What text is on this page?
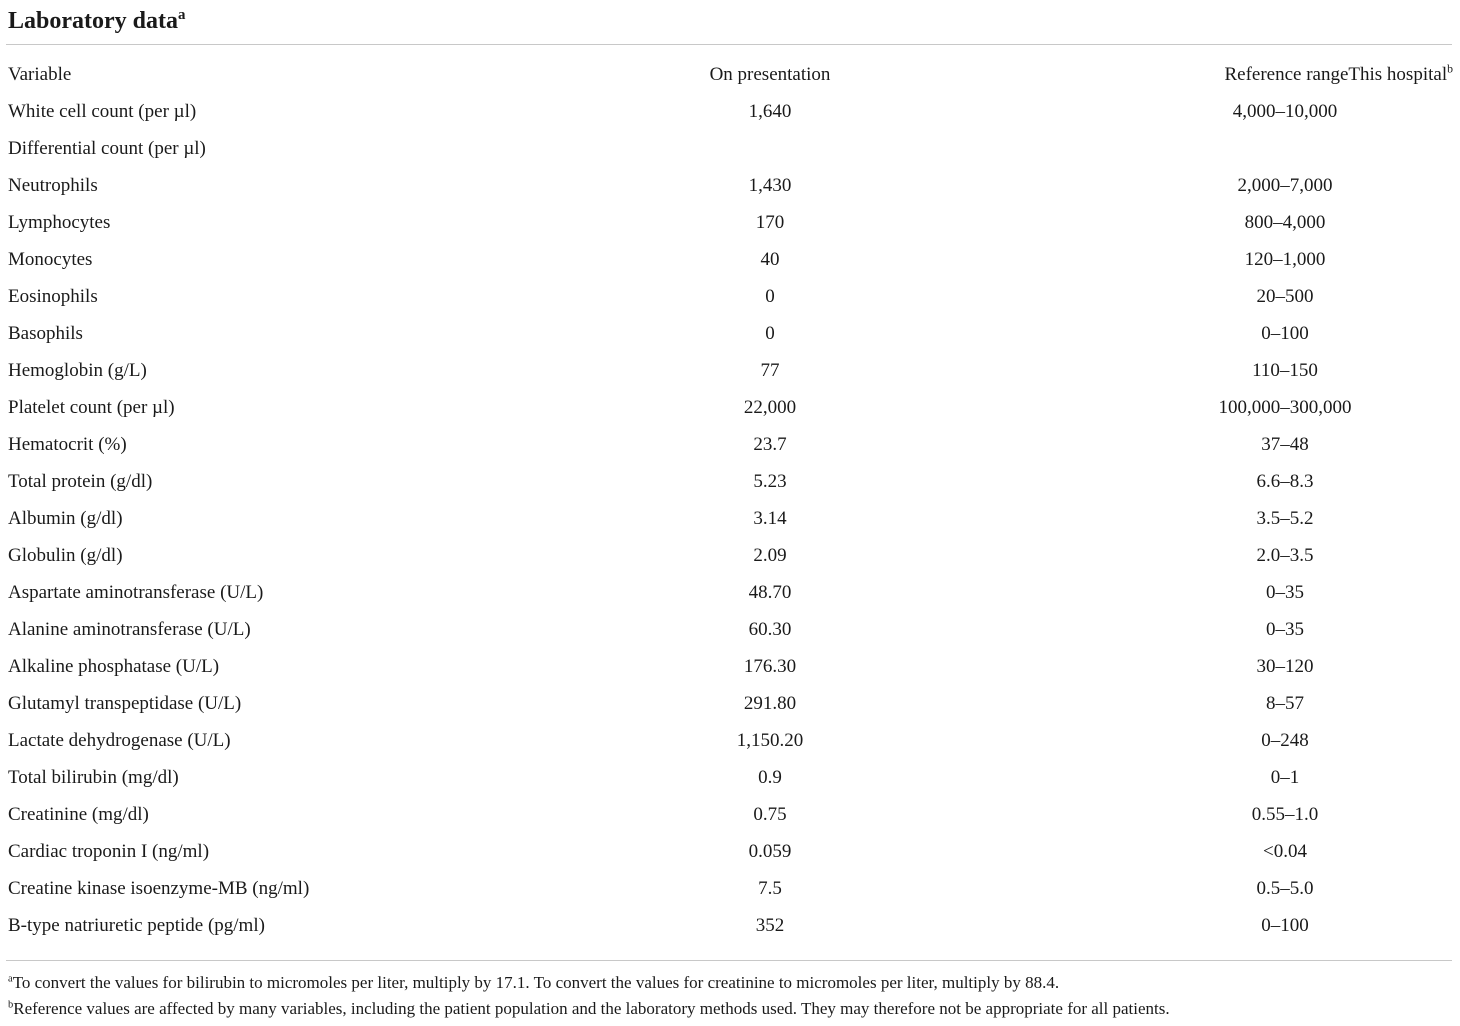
Laboratory data$^a$
Variable	On presentation	Reference rangeThis hospital$^b$
White cell count (per µl)	1,640	4,000–10,000
Differential count (per µl)		
Neutrophils	1,430	2,000–7,000
Lymphocytes	170	800–4,000
Monocytes	40	120–1,000
Eosinophils	0	20–500
Basophils	0	0–100
Hemoglobin (g/L)	77	110–150
Platelet count (per µl)	22,000	100,000–300,000
Hematocrit (%)	23.7	37–48
Total protein (g/dl)	5.23	6.6–8.3
Albumin (g/dl)	3.14	3.5–5.2
Globulin (g/dl)	2.09	2.0–3.5
Aspartate aminotransferase (U/L)	48.70	0–35
Alanine aminotransferase (U/L)	60.30	0–35
Alkaline phosphatase (U/L)	176.30	30–120
Glutamyl transpeptidase (U/L)	291.80	8–57
Lactate dehydrogenase (U/L)	1,150.20	0–248
Total bilirubin (mg/dl)	0.9	0–1
Creatinine (mg/dl)	0.75	0.55–1.0
Cardiac troponin I (ng/ml)	0.059	<0.04
Creatine kinase isoenzyme-MB (ng/ml)	7.5	0.5–5.0
B-type natriuretic peptide (pg/ml)	352	0–100
$^a$To convert the values for bilirubin to micromoles per liter, multiply by 17.1. To convert the values for creatinine to micromoles per liter, multiply by 88.4.
$^b$Reference values are affected by many variables, including the patient population and the laboratory methods used. They may therefore not be appropriate for all patients.
